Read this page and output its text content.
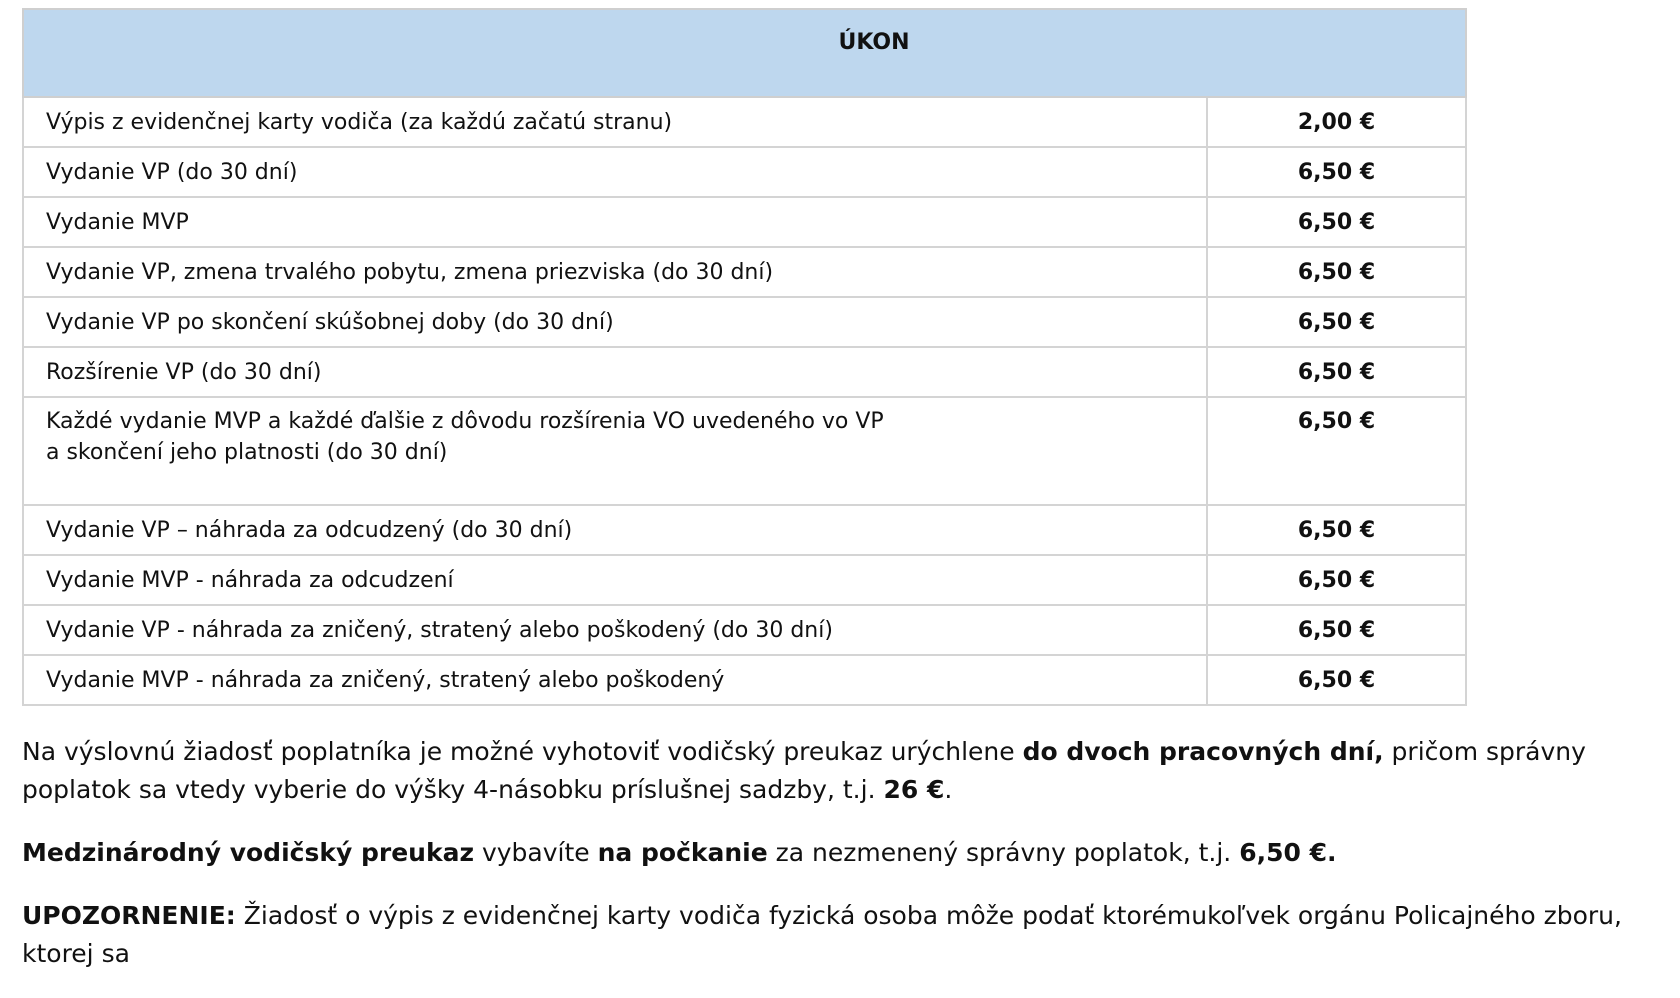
ÚKON	
Výpis z evidenčnej karty vodiča (za každú začatú stranu)	2,00 €
Vydanie VP (do 30 dní)	6,50 €
Vydanie MVP	6,50 €
Vydanie VP, zmena trvalého pobytu, zmena priezviska (do 30 dní)	6,50 €
Vydanie VP po skončení skúšobnej doby (do 30 dní)	6,50 €
Rozšírenie VP (do 30 dní)	6,50 €
Každé vydanie MVP a každé ďalšie z dôvodu rozšírenia VO uvedeného vo VP
a skončení jeho platnosti (do 30 dní)	6,50 €
Vydanie VP – náhrada za odcudzený (do 30 dní)	6,50 €
Vydanie MVP - náhrada za odcudzení	6,50 €
Vydanie VP - náhrada za zničený, stratený alebo poškodený (do 30 dní)	6,50 €
Vydanie MVP - náhrada za zničený, stratený alebo poškodený	6,50 €

Na výslovnú žiadosť poplatníka je možné vyhotoviť vodičský preukaz urýchlene do dvoch pracovných dní, pričom správny poplatok sa vtedy vyberie do výšky 4-násobku príslušnej sadzby, t.j. 26 €.

Medzinárodný vodičský preukaz vybavíte na počkanie za nezmenený správny poplatok, t.j. 6,50 €.

UPOZORNENIE: Žiadosť o výpis z evidenčnej karty vodiča fyzická osoba môže podať ktorémukoľvek orgánu Policajného zboru, ktorej sa
